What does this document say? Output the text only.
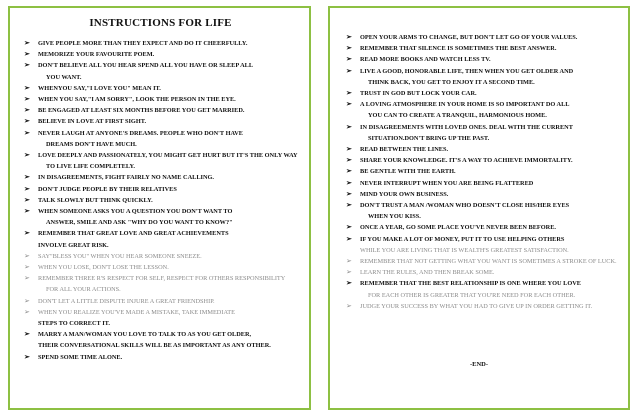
INSTRUCTIONS FOR LIFE
➢ GIVE PEOPLE MORE THAN THEY EXPECT AND DO IT CHEERFULLY.
➢ MEMORIZE YOUR FAVOURITE POEM.
➢ DON'T BELIEVE ALL YOU HEAR SPEND ALL YOU HAVE OR SLEEP ALL
YOU WANT.
➢ WHENYOU SAY,"I LOVE YOU" MEAN IT.
➢ WHEN YOU SAY,"I AM SORRY", LOOK THE PERSON IN THE EYE.
➢ BE ENGAGED AT LEAST SIX MONTHS BEFORE YOU GET MARRIED.
➢ BELIEVE IN LOVE AT FIRST SIGHT.
➢ NEVER LAUGH AT ANYONE'S DREAMS. PEOPLE WHO DON'T HAVE
DREAMS DON'T HAVE MUCH.
➢ LOVE DEEPLY AND PASSIONATELY, YOU MIGHT GET HURT BUT IT'S THE ONLY WAY
TO LIVE LIFE COMPLETELY.
➢ IN DISAGREEMENTS, FIGHT FAIRLY NO NAME CALLING.
➢ DON'T JUDGE PEOPLE BY THEIR RELATIVES
➢ TALK SLOWLY BUT THINK QUICKLY.
➢ WHEN SOMEONE ASKS YOU A QUESTION YOU DON'T WANT TO
ANSWER, SMILE AND ASK "WHY DO YOU WANT TO KNOW?"
➢ REMEMBER THAT GREAT LOVE AND GREAT ACHIEVEMENTS
INVOLVE GREAT RISK.
➢ SAY"BLESS YOU" WHEN YOU HEAR SOMEONE SNEEZE.
➢ WHEN YOU LOSE, DON'T LOSE THE LESSON.
➢ REMEMBER THREE R'S RESPECT FOR SELF, RESPECT FOR OTHERS RESPONSIBILITY
FOR ALL YOUR ACTIONS.
➢ DON'T LET A LITTLE DISPUTE INJURE A GREAT FRIENDSHIP.
➢ WHEN YOU REALIZE YOU'VE MADE A MISTAKE, TAKE IMMEDIATE
STEPS TO CORRECT IT.
➢ MARRY A MAN/WOMAN YOU LOVE TO TALK TO AS YOU GET OLDER,
THEIR CONVERSATIONAL SKILLS WILL BE AS IMPORTANT AS ANY OTHER.
➢ SPEND SOME TIME ALONE.
➢ OPEN YOUR ARMS TO CHANGE, BUT DON'T LET GO OF YOUR VALUES.
➢ REMEMBER THAT SILENCE IS SOMETIMES THE BEST ANSWER.
➢ READ MORE BOOKS AND WATCH LESS TV.
➢ LIVE A GOOD, HONORABLE LIFE, THEN WHEN YOU GET OLDER AND
THINK BACK, YOU GET TO ENJOY IT A SECOND TIME.
➢ TRUST IN GOD BUT LOCK YOUR CAR.
➢ A LOVING ATMOSPHERE IN YOUR HOME IS SO IMPORTANT DO ALL
YOU CAN TO CREATE A TRANQUIL, HARMONIOUS HOME.
➢ IN DISAGREEMENTS WITH LOVED ONES. DEAL WITH THE CURRENT
SITUATION.DON'T BRING UP THE PAST.
➢ READ BETWEEN THE LINES.
➢ SHARE YOUR KNOWLEDGE. IT'S A WAY TO ACHIEVE IMMORTALITY.
➢ BE GENTLE WITH THE EARTH.
➢ NEVER INTERRUPT WHEN YOU ARE BEING FLATTERED
➢ MIND YOUR OWN BUSINESS.
➢ DON'T TRUST A MAN /WOMAN WHO DOESN'T CLOSE HIS/HER EYES
WHEN YOU KISS.
➢ ONCE A YEAR, GO SOME PLACE YOU'VE NEVER BEEN BEFORE.
➢ IF YOU MAKE A LOT OF MONEY, PUT IT TO USE HELPING OTHERS
WHILE YOU ARE LIVING THAT IS WEALTH'S GREATEST SATISFACTION.
➢ REMEMBER THAT NOT GETTING WHAT YOU WANT IS SOMETIMES A STROKE OF LUCK.
➢ LEARN THE RULES, AND THEN BREAK SOME.
➢ REMEMBER THAT THE BEST RELATIONSHIP IS ONE WHERE YOU LOVE
FOR EACH OTHER IS GREATER THAT YOU'RE NEED FOR EACH OTHER.
➢ JUDGE YOUR SUCCESS BY WHAT YOU HAD TO GIVE UP IN ORDER GETTING IT.
-END-
